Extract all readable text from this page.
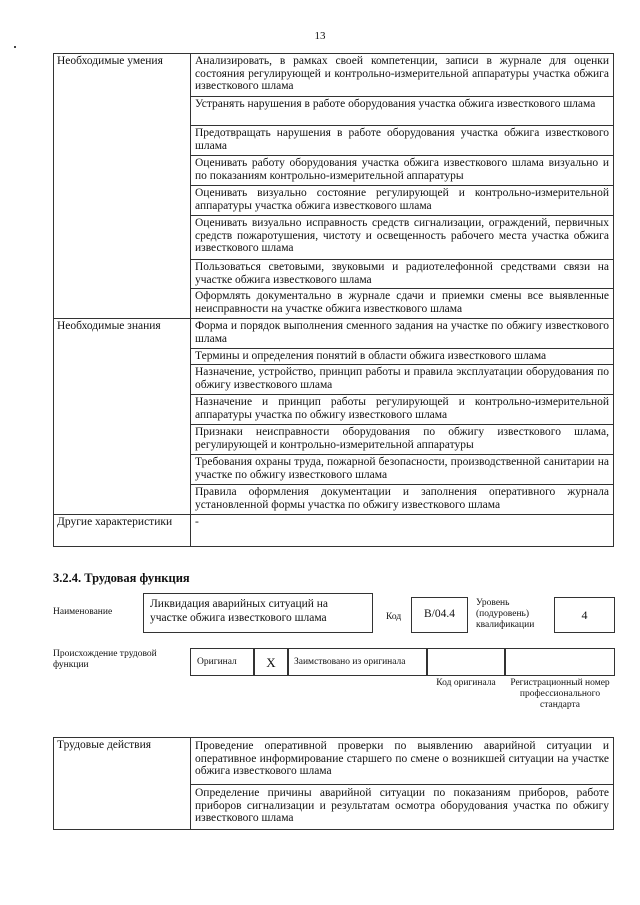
13
Необходимые умения	Анализировать, в рамках своей компетенции, записи в журнале для оценки состояния регулирующей и контрольно-измерительной аппаратуры участка обжига известкового шлама
	Устранять нарушения в работе оборудования участка обжига известкового шлама
	Предотвращать нарушения в работе оборудования участка обжига известкового шлама
	Оценивать работу оборудования участка обжига известкового шлама визуально и по показаниям контрольно-измерительной аппаратуры
	Оценивать визуально состояние регулирующей и контрольно-измерительной аппаратуры участка обжига известкового шлама
	Оценивать визуально исправность средств сигнализации, ограждений, первичных средств пожаротушения, чистоту и освещенность рабочего места участка обжига известкового шлама
	Пользоваться световыми, звуковыми и радиотелефонной средствами связи на участке обжига известкового шлама
	Оформлять документально в журнале сдачи и приемки смены все выявленные неисправности на участке обжига известкового шлама
Необходимые знания	Форма и порядок выполнения сменного задания на участке по обжигу известкового шлама
	Термины и определения понятий в области обжига известкового шлама
	Назначение, устройство, принцип работы и правила эксплуатации оборудования по обжигу известкового шлама
	Назначение и принцип работы регулирующей и контрольно-измерительной аппаратуры участка по обжигу известкового шлама
	Признаки неисправности оборудования по обжигу известкового шлама, регулирующей и контрольно-измерительной аппаратуры
	Требования охраны труда, пожарной безопасности, производственной санитарии на участке по обжигу известкового шлама
	Правила оформления документации и заполнения оперативного журнала установленной формы участка по обжигу известкового шлама
Другие характеристики	-
3.2.4. Трудовая функция
Наименование
Ликвидация аварийных ситуаций на участке обжига известкового шлама	Код	B/04.4
Уровень (подуровень) квалификации
4
Происхождение трудовой функции	Оригинал	X	Заимствовано из оригинала
Код оригинала	Регистрационный номер профессионального стандарта
Трудовые действия	Проведение оперативной проверки по выявлению аварийной ситуации и оперативное информирование старшего по смене о возникшей ситуации на участке обжига известкового шлама
Определение причины аварийной ситуации по показаниям приборов, работе приборов сигнализации и результатам осмотра оборудования участка по обжигу известкового шлама
